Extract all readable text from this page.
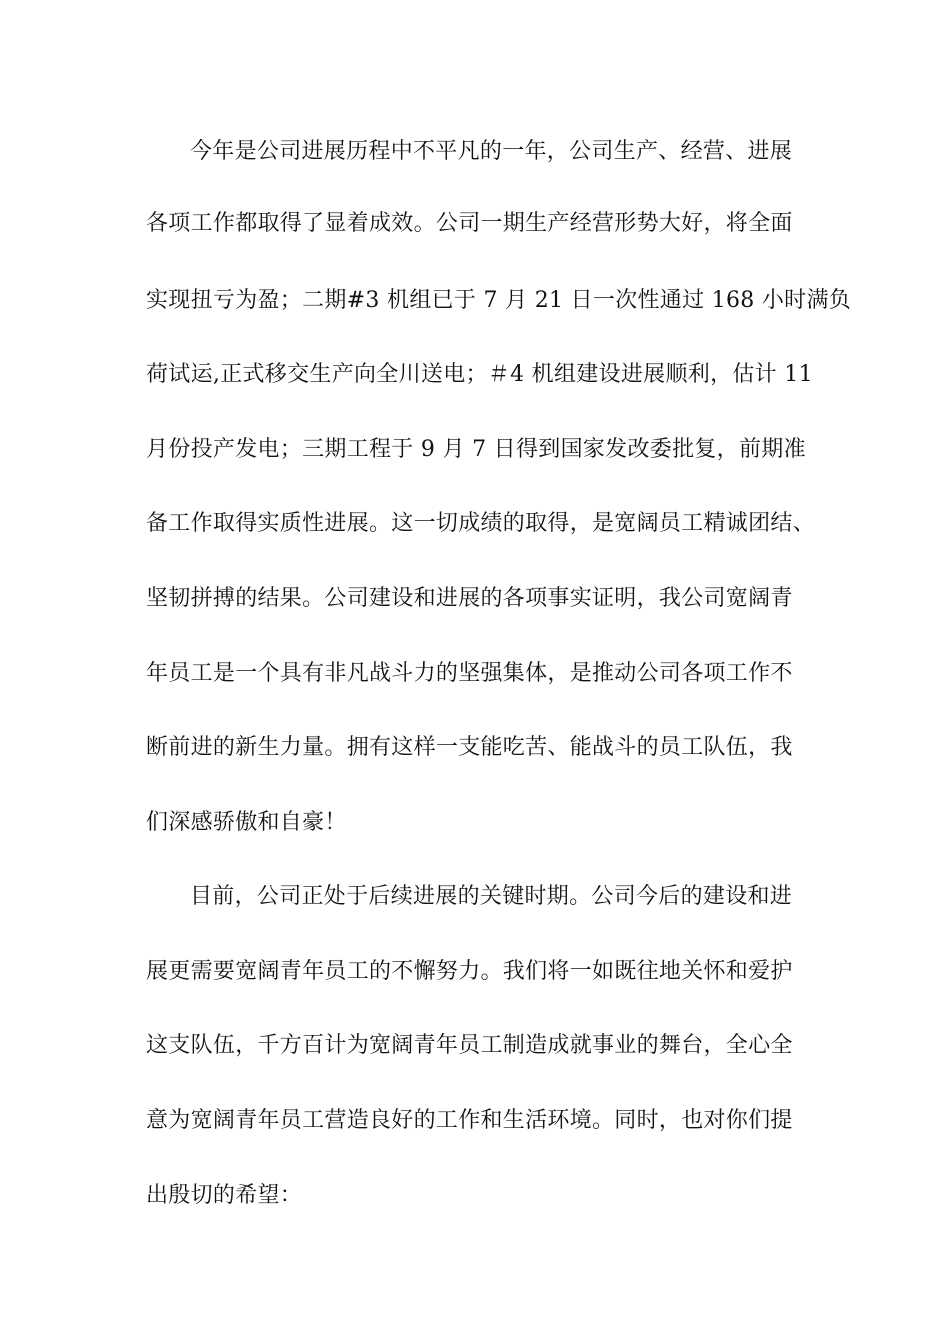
今年是公司进展历程中不平凡的一年，公司生产、经营、进展
各项工作都取得了显着成效。公司一期生产经营形势大好，将全面
实现扭亏为盈；二期#3 机组已于 7 月 21 日一次性通过 168 小时满负
荷试运,正式移交生产向全川送电；＃4 机组建设进展顺利，估计 11
月份投产发电；三期工程于 9 月 7 日得到国家发改委批复，前期准
备工作取得实质性进展。这一切成绩的取得，是宽阔员工精诚团结、
坚韧拼搏的结果。公司建设和进展的各项事实证明，我公司宽阔青
年员工是一个具有非凡战斗力的坚强集体，是推动公司各项工作不
断前进的新生力量。拥有这样一支能吃苦、能战斗的员工队伍，我
们深感骄傲和自豪！
目前，公司正处于后续进展的关键时期。公司今后的建设和进
展更需要宽阔青年员工的不懈努力。我们将一如既往地关怀和爱护
这支队伍，千方百计为宽阔青年员工制造成就事业的舞台，全心全
意为宽阔青年员工营造良好的工作和生活环境。同时，也对你们提
出殷切的希望：
